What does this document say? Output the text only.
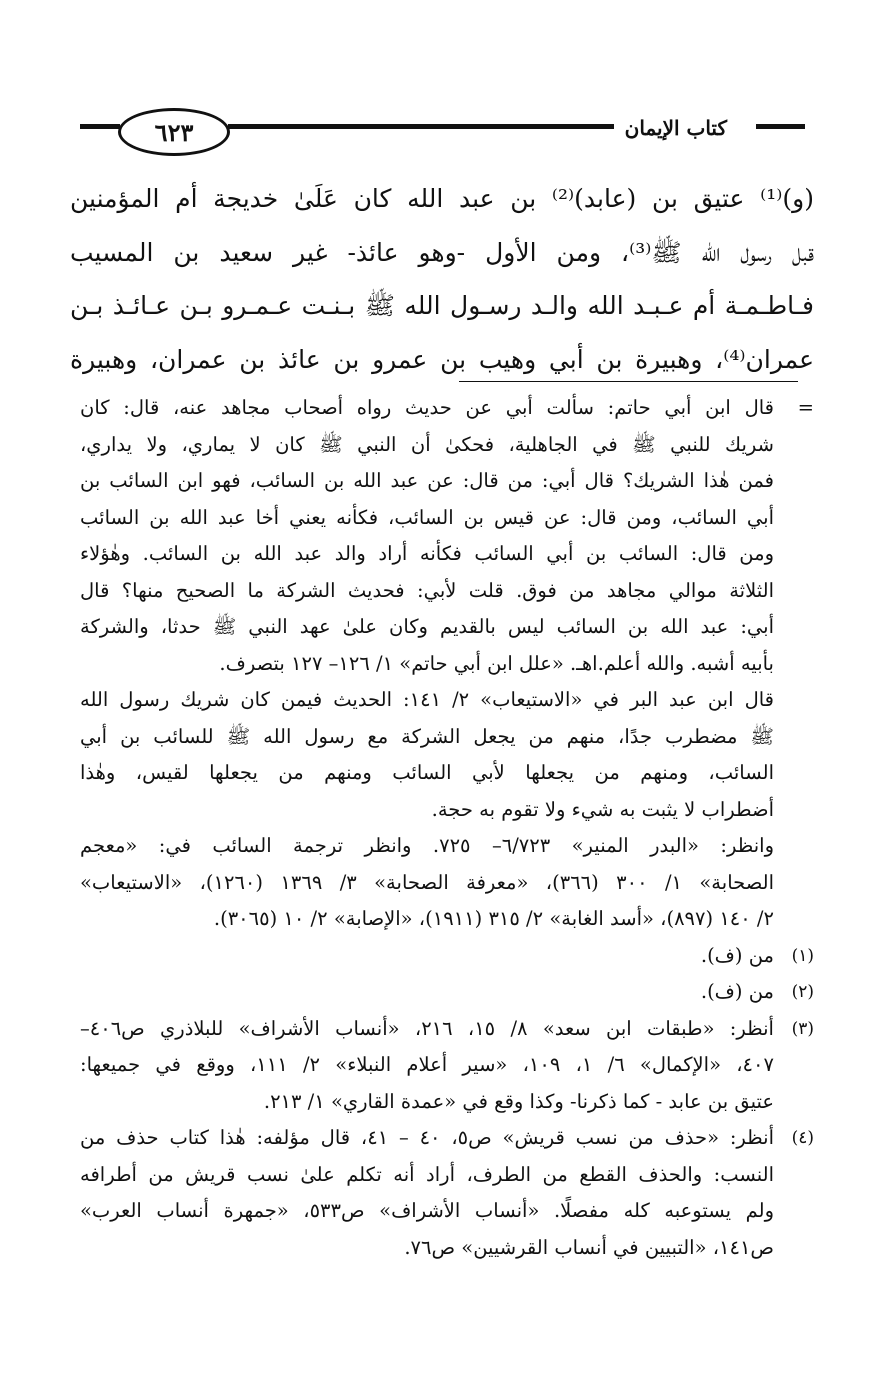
٦٢٣	كتاب الإيمان
(و)⁽¹⁾ عتيق بن (عابد)⁽²⁾ بن عبد الله كان عَلَىٰ خديجة أم المؤمنين
قبل رسول الله ﷺ⁽³⁾، ومن الأول -وهو عائذ- غير سعيد بن المسيب
فـاطـمـة أم عـبـد الله والـد رسـول الله ﷺ بـنـت عـمـرو بـن عـائـذ بـن
عمران⁽⁴⁾، وهبيرة بن أبي وهيب بن عمرو بن عائذ بن عمران، وهبيرة
=
قال ابن أبي حاتم: سألت أبي عن حديث رواه أصحاب مجاهد عنه، قال: كان
شريك للنبي ﷺ في الجاهلية، فحكىٰ أن النبي ﷺ كان لا يماري، ولا يداري،
فمن هٰذا الشريك؟ قال أبي: من قال: عن عبد الله بن السائب، فهو ابن السائب بن
أبي السائب، ومن قال: عن قيس بن السائب، فكأنه يعني أخا عبد الله بن السائب
ومن قال: السائب بن أبي السائب فكأنه أراد والد عبد الله بن السائب. وهٰؤلاء
الثلاثة موالي مجاهد من فوق. قلت لأبي: فحديث الشركة ما الصحيح منها؟ قال
أبي: عبد الله بن السائب ليس بالقديم وكان علىٰ عهد النبي ﷺ حدثا، والشركة
بأبيه أشبه. والله أعلم.اهـ. «علل ابن أبي حاتم» ١/ ١٢٦– ١٢٧ بتصرف.
قال ابن عبد البر في «الاستيعاب» ٢/ ١٤١: الحديث فيمن كان شريك رسول الله
ﷺ مضطرب جدًا، منهم من يجعل الشركة مع رسول الله ﷺ للسائب بن أبي
السائب، ومنهم من يجعلها لأبي السائب ومنهم من يجعلها لقيس، وهٰذا
أضطراب لا يثبت به شيء ولا تقوم به حجة.
وانظر: «البدر المنير» ٦/٧٢٣– ٧٢٥. وانظر ترجمة السائب في: «معجم
الصحابة» ١/ ٣٠٠ (٣٦٦)، «معرفة الصحابة» ٣/ ١٣٦٩ (١٢٦٠)، «الاستيعاب»
٢/ ١٤٠ (٨٩٧)، «أسد الغابة» ٢/ ٣١٥ (١٩١١)، «الإصابة» ٢/ ١٠ (٣٠٦٥).
(١)
من (ف).
(٢)
من (ف).
(٣)
أنظر: «طبقات ابن سعد» ٨/ ١٥، ٢١٦، «أنساب الأشراف» للبلاذري ص٤٠٦–
٤٠٧، «الإكمال» ٦/ ١، ١٠٩، «سير أعلام النبلاء» ٢/ ١١١، ووقع في جميعها:
عتيق بن عابد - كما ذكرنا- وكذا وقع في «عمدة القاري» ١/ ٢١٣.
(٤)
أنظر: «حذف من نسب قريش» ص٥، ٤٠ – ٤١، قال مؤلفه: هٰذا كتاب حذف من
النسب: والحذف القطع من الطرف، أراد أنه تكلم علىٰ نسب قريش من أطرافه
ولم يستوعبه كله مفصلًا. «أنساب الأشراف» ص٥٣٣، «جمهرة أنساب العرب»
ص١٤١، «التبيين في أنساب القرشيين» ص٧٦.
